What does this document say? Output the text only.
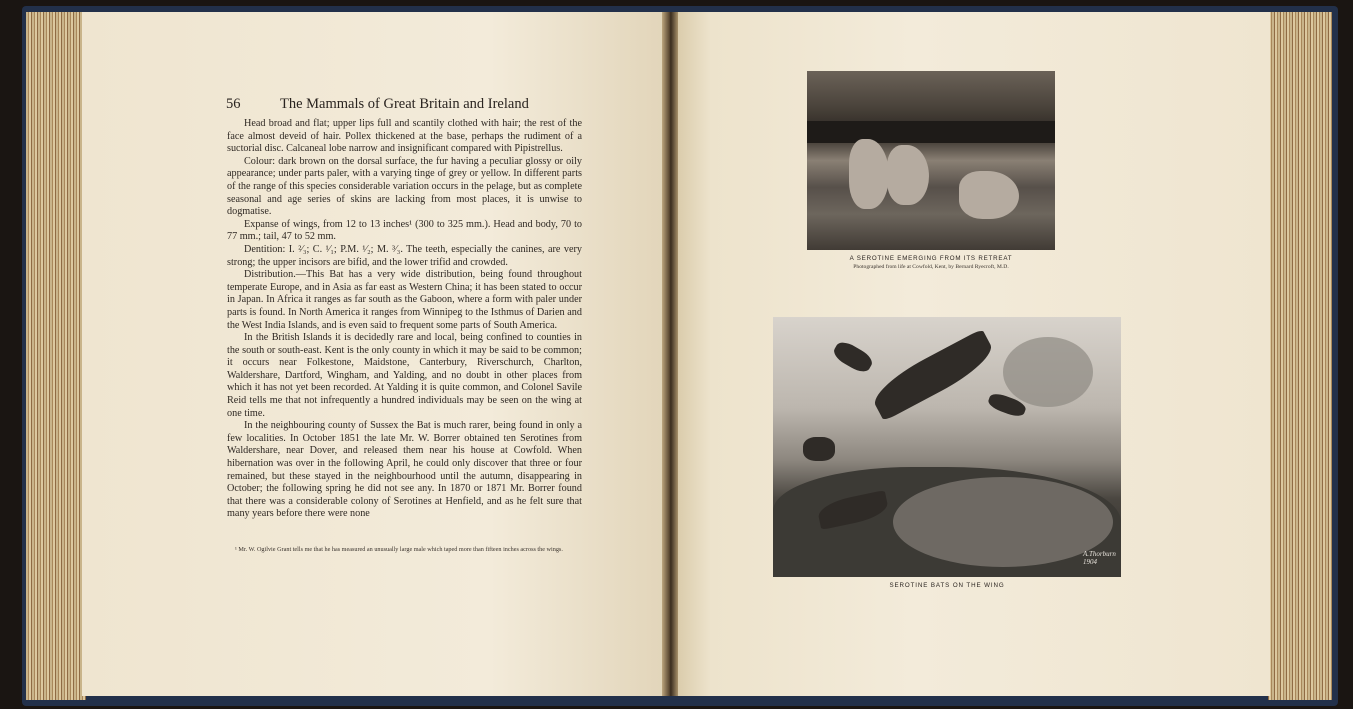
56	The Mammals of Great Britain and Ireland

Head broad and flat; upper lips full and scantily clothed with hair; the rest of the face almost deveid of hair. Pollex thickened at the base, perhaps the rudiment of a suctorial disc. Calcaneal lobe narrow and insignificant compared with Pipistrellus.

Colour: dark brown on the dorsal surface, the fur having a peculiar glossy or oily appearance; under parts paler, with a varying tinge of grey or yellow. In different parts of the range of this species considerable variation occurs in the pelage, but as complete seasonal and age series of skins are lacking from most places, it is unwise to dogmatise.

Expanse of wings, from 12 to 13 inches¹ (300 to 325 mm.). Head and body, 70 to 77 mm.; tail, 47 to 52 mm.

Dentition: I. ²⁄₃; C. ¹⁄₁; P.M. ¹⁄₂; M. ³⁄₃. The teeth, especially the canines, are very strong; the upper incisors are bifid, and the lower trifid and crowded.

Distribution.—This Bat has a very wide distribution, being found throughout temperate Europe, and in Asia as far east as Western China; it has been stated to occur in Japan. In Africa it ranges as far south as the Gaboon, where a form with paler under parts is found. In North America it ranges from Winnipeg to the Isthmus of Darien and the West India Islands, and is even said to frequent some parts of South America.

In the British Islands it is decidedly rare and local, being confined to counties in the south or south-east. Kent is the only county in which it may be said to be common; it occurs near Folkestone, Maidstone, Canterbury, Riverschurch, Charlton, Waldershare, Dartford, Wingham, and Yalding, and no doubt in other places from which it has not yet been recorded. At Yalding it is quite common, and Colonel Savile Reid tells me that not infrequently a hundred individuals may be seen on the wing at one time.

In the neighbouring county of Sussex the Bat is much rarer, being found in only a few localities. In October 1851 the late Mr. W. Borrer obtained ten Serotines from Waldershare, near Dover, and released them near his house at Cowfold. When hibernation was over in the following April, he could only discover that three or four remained, but these stayed in the neighbourhood until the autumn, disappearing in October; the following spring he did not see any. In 1870 or 1871 Mr. Borrer found that there was a considerable colony of Serotines at Henfield, and as he felt sure that many years before there were none

¹ Mr. W. Ogilvie Grant tells me that he has measured an unusually large male which taped more than fifteen inches across the wings.
A SEROTINE EMERGING FROM ITS RETREAT
Photographed from life at Cowfold, Kent, by Bernard Ryecroft, M.D.
A.Thorburn 1904
SEROTINE BATS ON THE WING
